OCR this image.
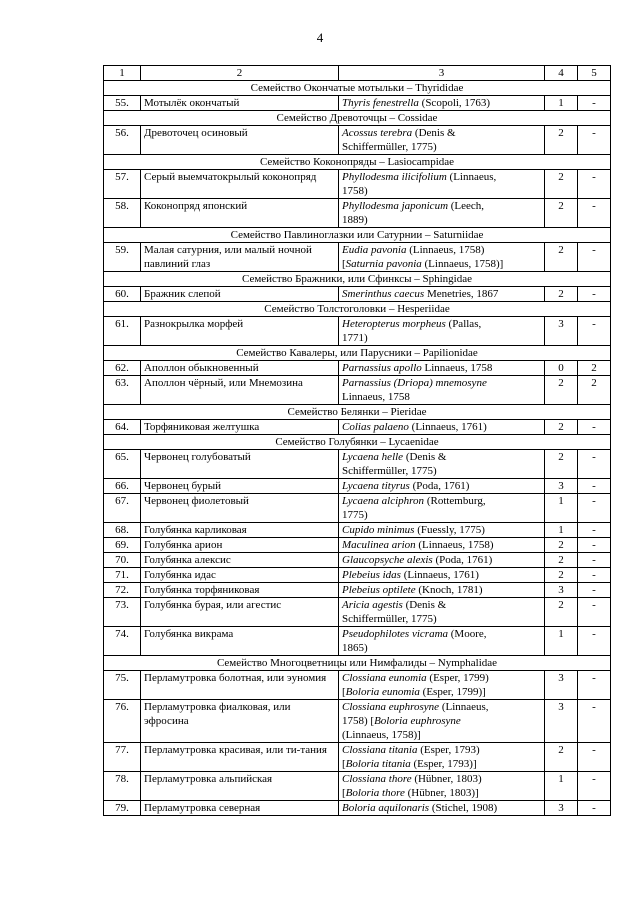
4
1	2	3	4	5
Семейство Окончатые мотыльки – Thyrididae				
55.	Мотылёк окончатый	Thyris fenestrella (Scopoli, 1763)	1	-
Семейство Древоточцы – Cossidae				
56.	Древоточец осиновый	Acossus terebra (Denis &
Schiffermüller, 1775)	2	-
Семейство Коконопряды – Lasiocampidae				
57.	Серый выемчатокрылый коконопряд	Phyllodesma ilicifolium (Linnaeus,
1758)	2	-
58.	Коконопряд японский	Phyllodesma japonicum (Leech,
1889)	2	-
Семейство Павлиноглазки или Сатурнии – Saturniidae				
59.	Малая сатурния, или малый ночной павлиний глаз	Eudia pavonia (Linnaeus, 1758)
[Saturnia pavonia (Linnaeus, 1758)]	2	-
Семейство Бражники, или Сфинксы – Sphingidae				
60.	Бражник слепой	Smerinthus caecus Menetries, 1867	2	-
Семейство Толстоголовки – Hesperiidae				
61.	Разнокрылка морфей	Heteropterus morpheus (Pallas,
1771)	3	-
Семейство Кавалеры, или Парусники – Papilionidae				
62.	Аполлон обыкновенный	Parnassius apollo Linnaeus, 1758	0	2
63.	Аполлон чёрный, или Мнемозина	Parnassius (Driopa) mnemosyne
Linnaeus, 1758	2	2
Семейство Белянки – Pieridae				
64.	Торфяниковая желтушка	Colias palaeno (Linnaeus, 1761)	2	-
Семейство Голубянки – Lycaenidae				
65.	Червонец голубоватый	Lycaena helle (Denis &
Schiffermüller, 1775)	2	-
66.	Червонец бурый	Lycaena tityrus (Poda, 1761)	3	-
67.	Червонец фиолетовый	Lycaena alciphron (Rottemburg,
1775)	1	-
68.	Голубянка карликовая	Cupido minimus (Fuessly, 1775)	1	-
69.	Голубянка арион	Maculinea arion (Linnaeus, 1758)	2	-
70.	Голубянка алексис	Glaucopsyche alexis (Poda, 1761)	2	-
71.	Голубянка идас	Plebeius idas (Linnaeus, 1761)	2	-
72.	Голубянка торфяниковая	Plebeius optilete (Knoch, 1781)	3	-
73.	Голубянка бурая, или агестис	Aricia agestis (Denis &
Schiffermüller, 1775)	2	-
74.	Голубянка викрама	Pseudophilotes vicrama (Moore,
1865)	1	-
Семейство Многоцветницы или Нимфалиды – Nymphalidae				
75.	Перламутровка болотная, или эуномия	Clossiana eunomia (Esper, 1799)
[Boloria eunomia (Esper, 1799)]	3	-
76.	Перламутровка фиалковая, или эфросина	Clossiana euphrosyne (Linnaeus,
1758) [Boloria euphrosyne
(Linnaeus, 1758)]	3	-
77.	Перламутровка красивая, или ти-тания	Clossiana titania (Esper, 1793)
[Boloria titania (Esper, 1793)]	2	-
78.	Перламутровка альпийская	Clossiana thore (Hübner, 1803)
[Boloria thore (Hübner, 1803)]	1	-
79.	Перламутровка северная	Boloria aquilonaris (Stichel, 1908)	3	-
